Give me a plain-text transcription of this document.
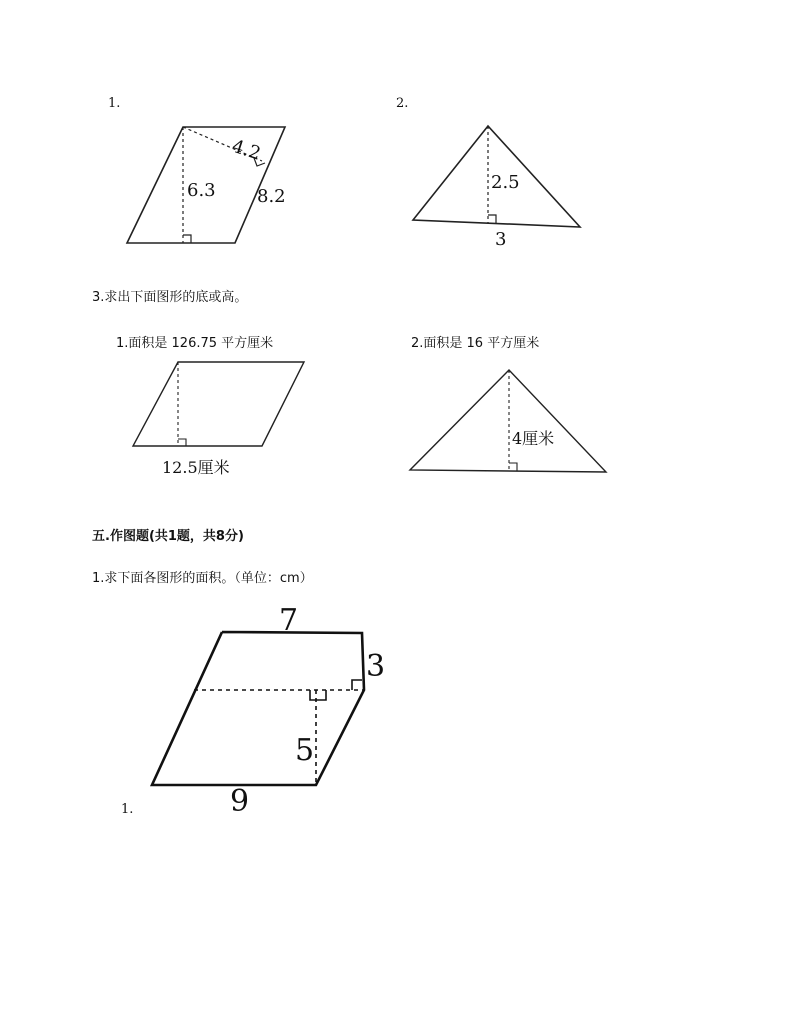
1.
4.2
6.3 8.2
2.
2.5
3
3.求出下面图形的底或高。
1.面积是 126.75 平方厘米
12.5厘米
2.面积是 16 平方厘米
4厘米
五.作图题(共1题，共8分)
1.求下面各图形的面积。（单位：cm）
7
3
5
9
1.
